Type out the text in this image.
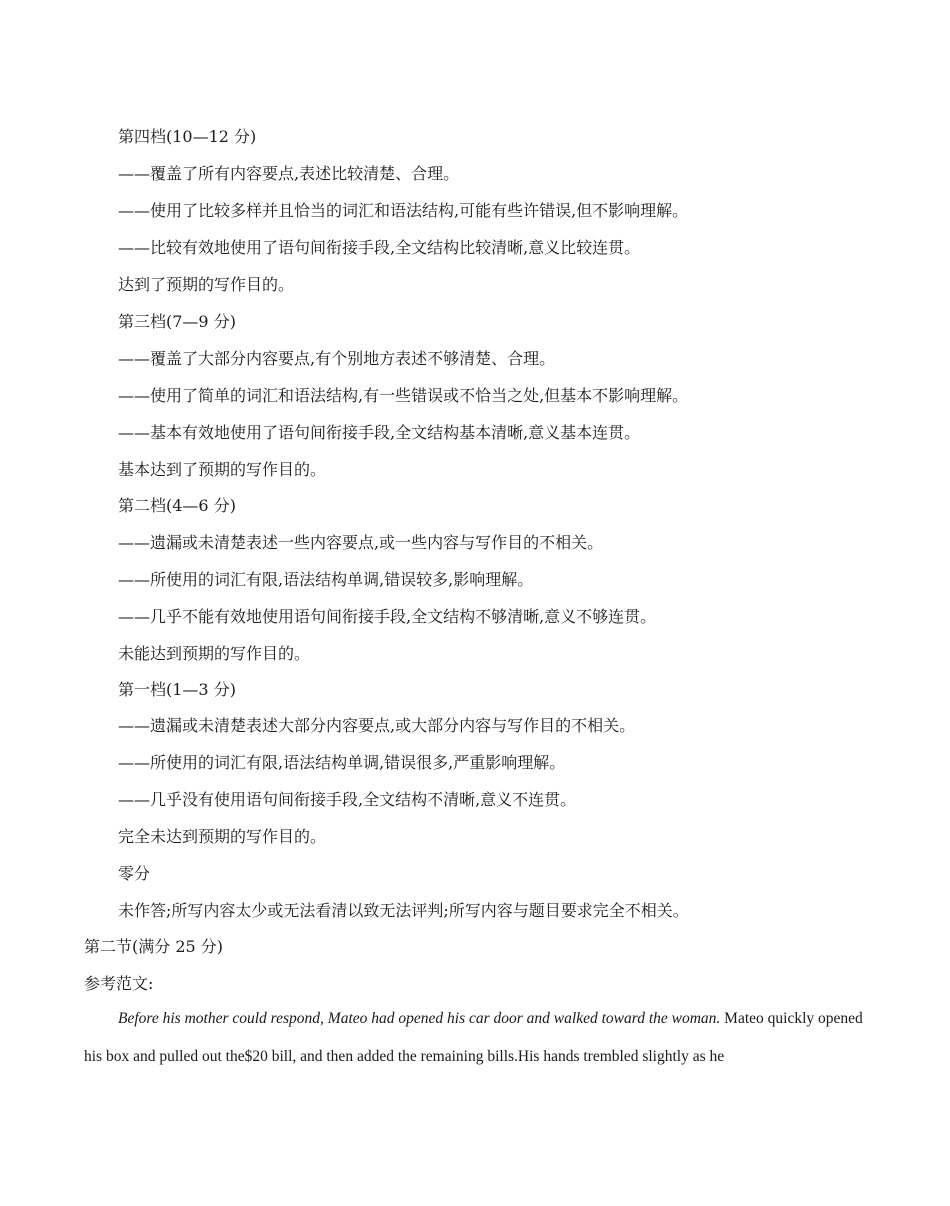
第四档(10—12 分)
——覆盖了所有内容要点,表述比较清楚、合理。
——使用了比较多样并且恰当的词汇和语法结构,可能有些许错误,但不影响理解。
——比较有效地使用了语句间衔接手段,全文结构比较清晰,意义比较连贯。
达到了预期的写作目的。
第三档(7—9 分)
——覆盖了大部分内容要点,有个别地方表述不够清楚、合理。
——使用了简单的词汇和语法结构,有一些错误或不恰当之处,但基本不影响理解。
——基本有效地使用了语句间衔接手段,全文结构基本清晰,意义基本连贯。
基本达到了预期的写作目的。
第二档(4—6 分)
——遗漏或未清楚表述一些内容要点,或一些内容与写作目的不相关。
——所使用的词汇有限,语法结构单调,错误较多,影响理解。
——几乎不能有效地使用语句间衔接手段,全文结构不够清晰,意义不够连贯。
未能达到预期的写作目的。
第一档(1—3 分)
——遗漏或未清楚表述大部分内容要点,或大部分内容与写作目的不相关。
——所使用的词汇有限,语法结构单调,错误很多,严重影响理解。
——几乎没有使用语句间衔接手段,全文结构不清晰,意义不连贯。
完全未达到预期的写作目的。
零分
未作答;所写内容太少或无法看清以致无法评判;所写内容与题目要求完全不相关。
第二节(满分 25 分)
参考范文:
Before his mother could respond, Mateo had opened his car door and walked toward the woman. Mateo quickly opened his box and pulled out the$20 bill, and then added the remaining bills.His hands trembled slightly as he
